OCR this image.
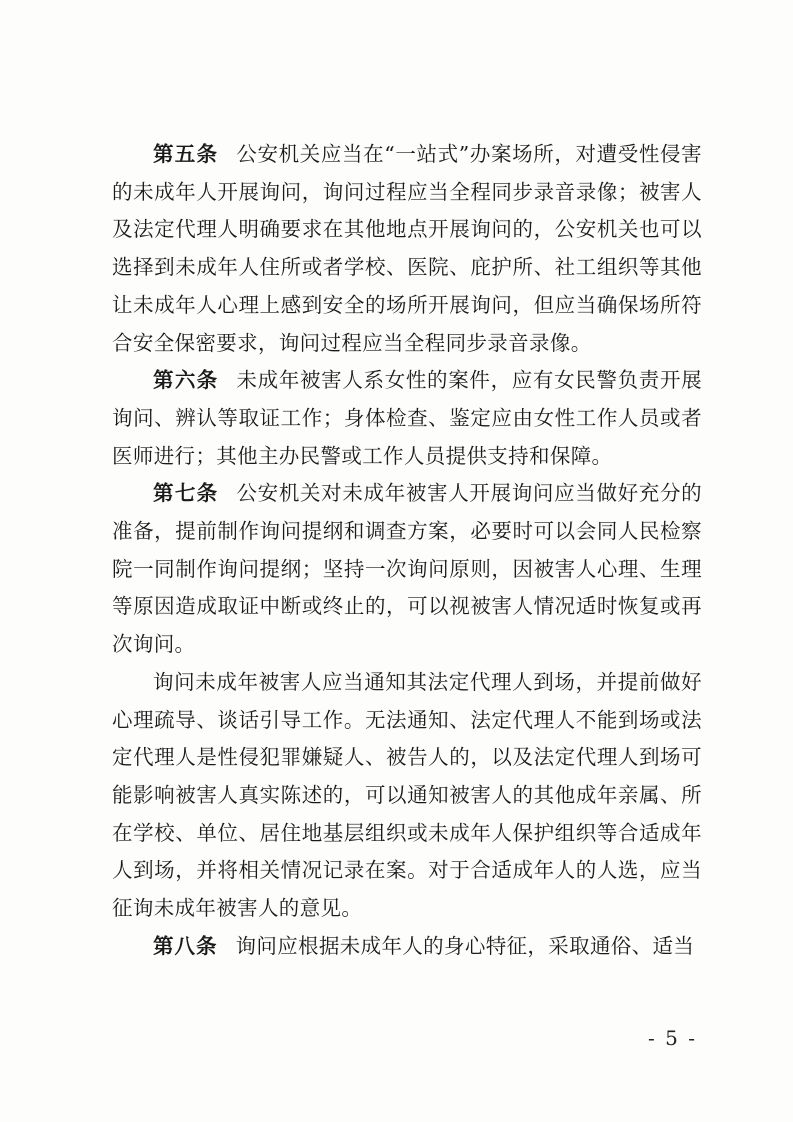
第五条 公安机关应当在“一站式”办案场所，对遭受性侵害的未成年人开展询问，询问过程应当全程同步录音录像；被害人及法定代理人明确要求在其他地点开展询问的，公安机关也可以选择到未成年人住所或者学校、医院、庇护所、社工组织等其他让未成年人心理上感到安全的场所开展询问，但应当确保场所符合安全保密要求，询问过程应当全程同步录音录像。

第六条 未成年被害人系女性的案件，应有女民警负责开展询问、辨认等取证工作；身体检查、鉴定应由女性工作人员或者医师进行；其他主办民警或工作人员提供支持和保障。

第七条 公安机关对未成年被害人开展询问应当做好充分的准备，提前制作询问提纲和调查方案，必要时可以会同人民检察院一同制作询问提纲；坚持一次询问原则，因被害人心理、生理等原因造成取证中断或终止的，可以视被害人情况适时恢复或再次询问。

询问未成年被害人应当通知其法定代理人到场，并提前做好心理疏导、谈话引导工作。无法通知、法定代理人不能到场或法定代理人是性侵犯罪嫌疑人、被告人的，以及法定代理人到场可能影响被害人真实陈述的，可以通知被害人的其他成年亲属、所在学校、单位、居住地基层组织或未成年人保护组织等合适成年人到场，并将相关情况记录在案。对于合适成年人的人选，应当征询未成年被害人的意见。

第八条 询问应根据未成年人的身心特征，采取通俗、适当

- 5 -
